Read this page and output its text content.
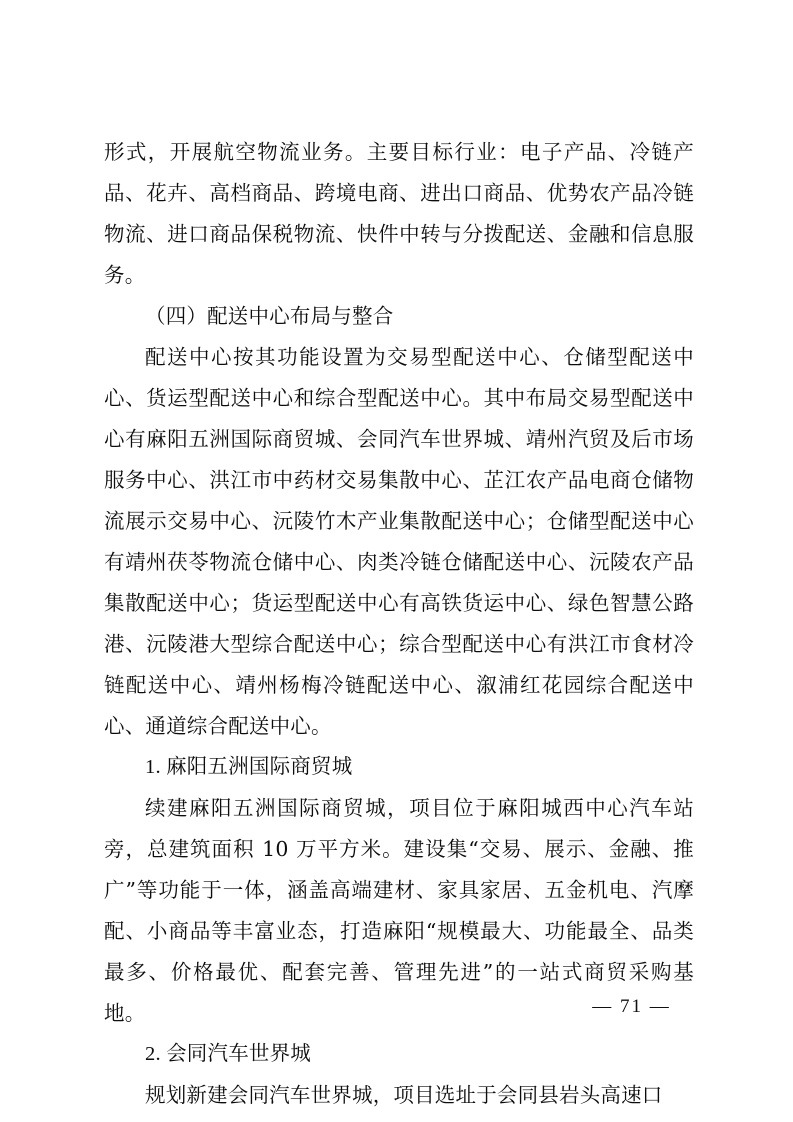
形式，开展航空物流业务。主要目标行业：电子产品、冷链产品、花卉、高档商品、跨境电商、进出口商品、优势农产品冷链物流、进口商品保税物流、快件中转与分拨配送、金融和信息服务。

（四）配送中心布局与整合

配送中心按其功能设置为交易型配送中心、仓储型配送中心、货运型配送中心和综合型配送中心。其中布局交易型配送中心有麻阳五洲国际商贸城、会同汽车世界城、靖州汽贸及后市场服务中心、洪江市中药材交易集散中心、芷江农产品电商仓储物流展示交易中心、沅陵竹木产业集散配送中心；仓储型配送中心有靖州茯苓物流仓储中心、肉类冷链仓储配送中心、沅陵农产品集散配送中心；货运型配送中心有高铁货运中心、绿色智慧公路港、沅陵港大型综合配送中心；综合型配送中心有洪江市食材冷链配送中心、靖州杨梅冷链配送中心、溆浦红花园综合配送中心、通道综合配送中心。

1. 麻阳五洲国际商贸城

续建麻阳五洲国际商贸城，项目位于麻阳城西中心汽车站旁，总建筑面积 10 万平方米。建设集“交易、展示、金融、推广”等功能于一体，涵盖高端建材、家具家居、五金机电、汽摩配、小商品等丰富业态，打造麻阳“规模最大、功能最全、品类最多、价格最优、配套完善、管理先进”的一站式商贸采购基地。

2. 会同汽车世界城

规划新建会同汽车世界城，项目选址于会同县岩头高速口

— 71 —
